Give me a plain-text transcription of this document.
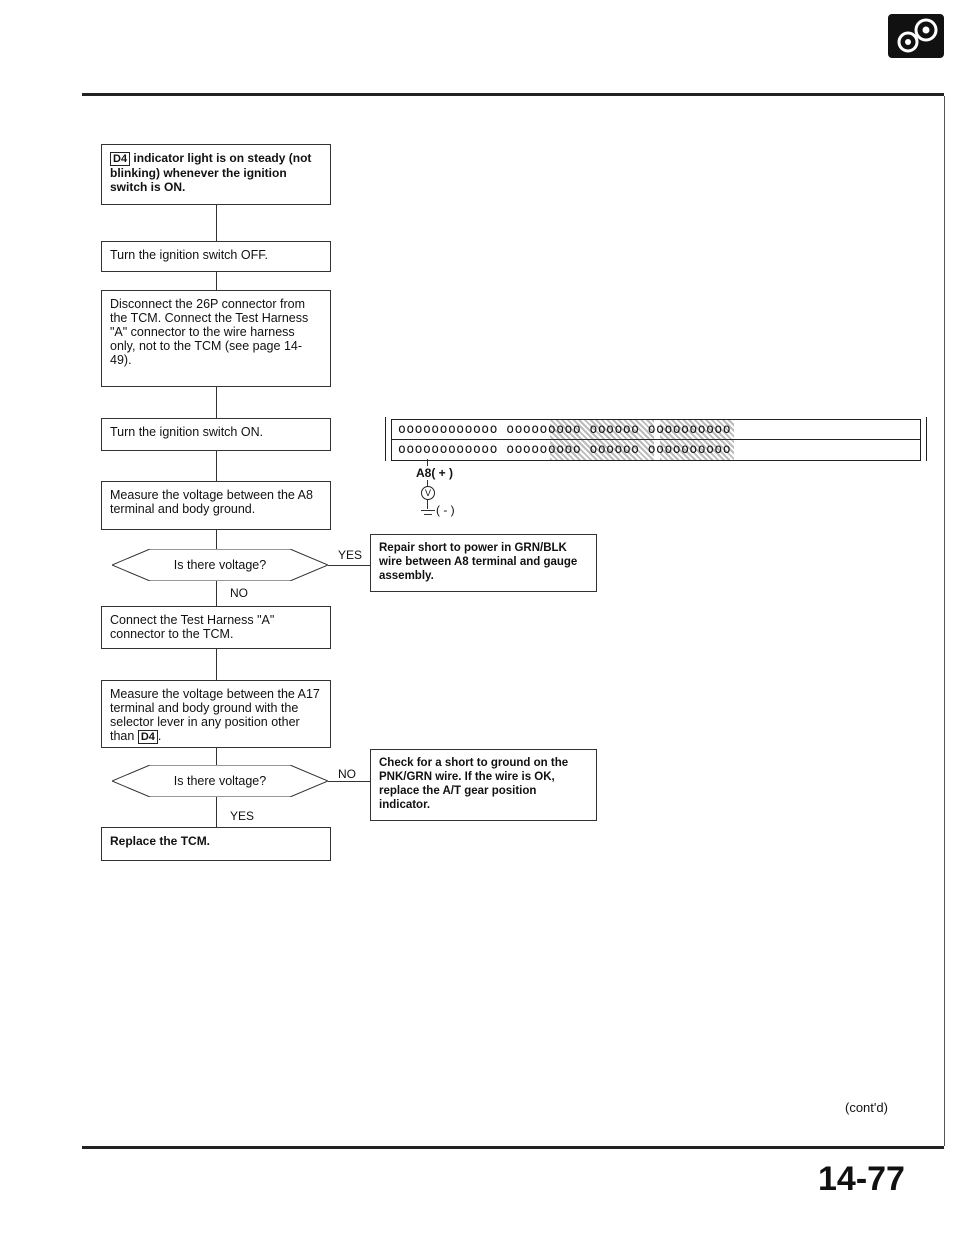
D4 indicator light is on steady (not blinking) whenever the ignition switch is ON.
Turn the ignition switch OFF.
Disconnect the 26P connector from the TCM. Connect the Test Harness "A" connector to the wire harness only, not to the TCM (see page 14-49).
Turn the ignition switch ON.
Measure the voltage between the A8 terminal and body ground.
Is there voltage?
YES
NO
Repair short to power in GRN/BLK wire between A8 terminal and gauge assembly.
Connect the Test Harness "A" connector to the TCM.
Measure the voltage between the A17 terminal and body ground with the selector lever in any position other than D4 .
Is there voltage?	NO
YES
Check for a short to ground on the PNK/GRN wire. If the wire is OK, replace the A/T gear position indicator.
Replace the TCM.
oooooooooooo ooooooooo oooooo oooooooooo
oooooooooooo ooooooooo oooooo oooooooooo
A8( + )
V
( - )
(cont'd)
14-77
